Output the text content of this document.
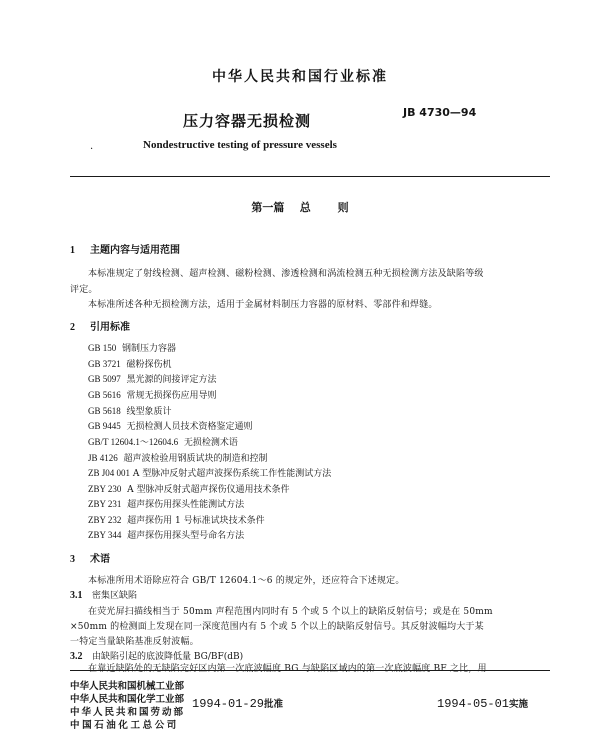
中华人民共和国行业标准
压力容器无损检测	JB 4730—94
.	Nondestructive testing of pressure vessels
第一篇 总 则
1 主题内容与适用范围
本标准规定了射线检测、超声检测、磁粉检测、渗透检测和涡流检测五种无损检测方法及缺陷等级
评定。
本标准所述各种无损检测方法，适用于金属材料制压力容器的原材料、零部件和焊缝。
2 引用标准
GB 150 钢制压力容器
GB 3721 磁粉探伤机
GB 5097 黑光源的间接评定方法
GB 5616 常规无损探伤应用导则
GB 5618 线型象质计
GB 9445 无损检测人员技术资格鉴定通则
GB/T 12604.1～12604.6 无损检测术语
JB 4126 超声波检验用钢质试块的制造和控制
ZB J04 001 A 型脉冲反射式超声波探伤系统工作性能测试方法
ZBY 230 A 型脉冲反射式超声探伤仪通用技术条件
ZBY 231 超声探伤用探头性能测试方法
ZBY 232 超声探伤用 1 号标准试块技术条件
ZBY 344 超声探伤用探头型号命名方法
3 术语
本标准所用术语除应符合 GB/T 12604.1～6 的规定外，还应符合下述规定。
3.1 密集区缺陷
在荧光屏扫描线相当于 50mm 声程范围内同时有 5 个或 5 个以上的缺陷反射信号；或是在 50mm
×50mm 的检测面上发现在同一深度范围内有 5 个或 5 个以上的缺陷反射信号。其反射波幅均大于某
一特定当量缺陷基准反射波幅。
3.2 由缺陷引起的底波降低量 BG/BF(dB)
在靠近缺陷处的无缺陷完好区内第一次底波幅度 BG 与缺陷区域内的第一次底波幅度 BF 之比，用
中华人民共和国机械工业部
中华人民共和国化学工业部
中华人民共和国劳动部
中国石油化工总公司
1994-01-29批准	1994-05-01实施
